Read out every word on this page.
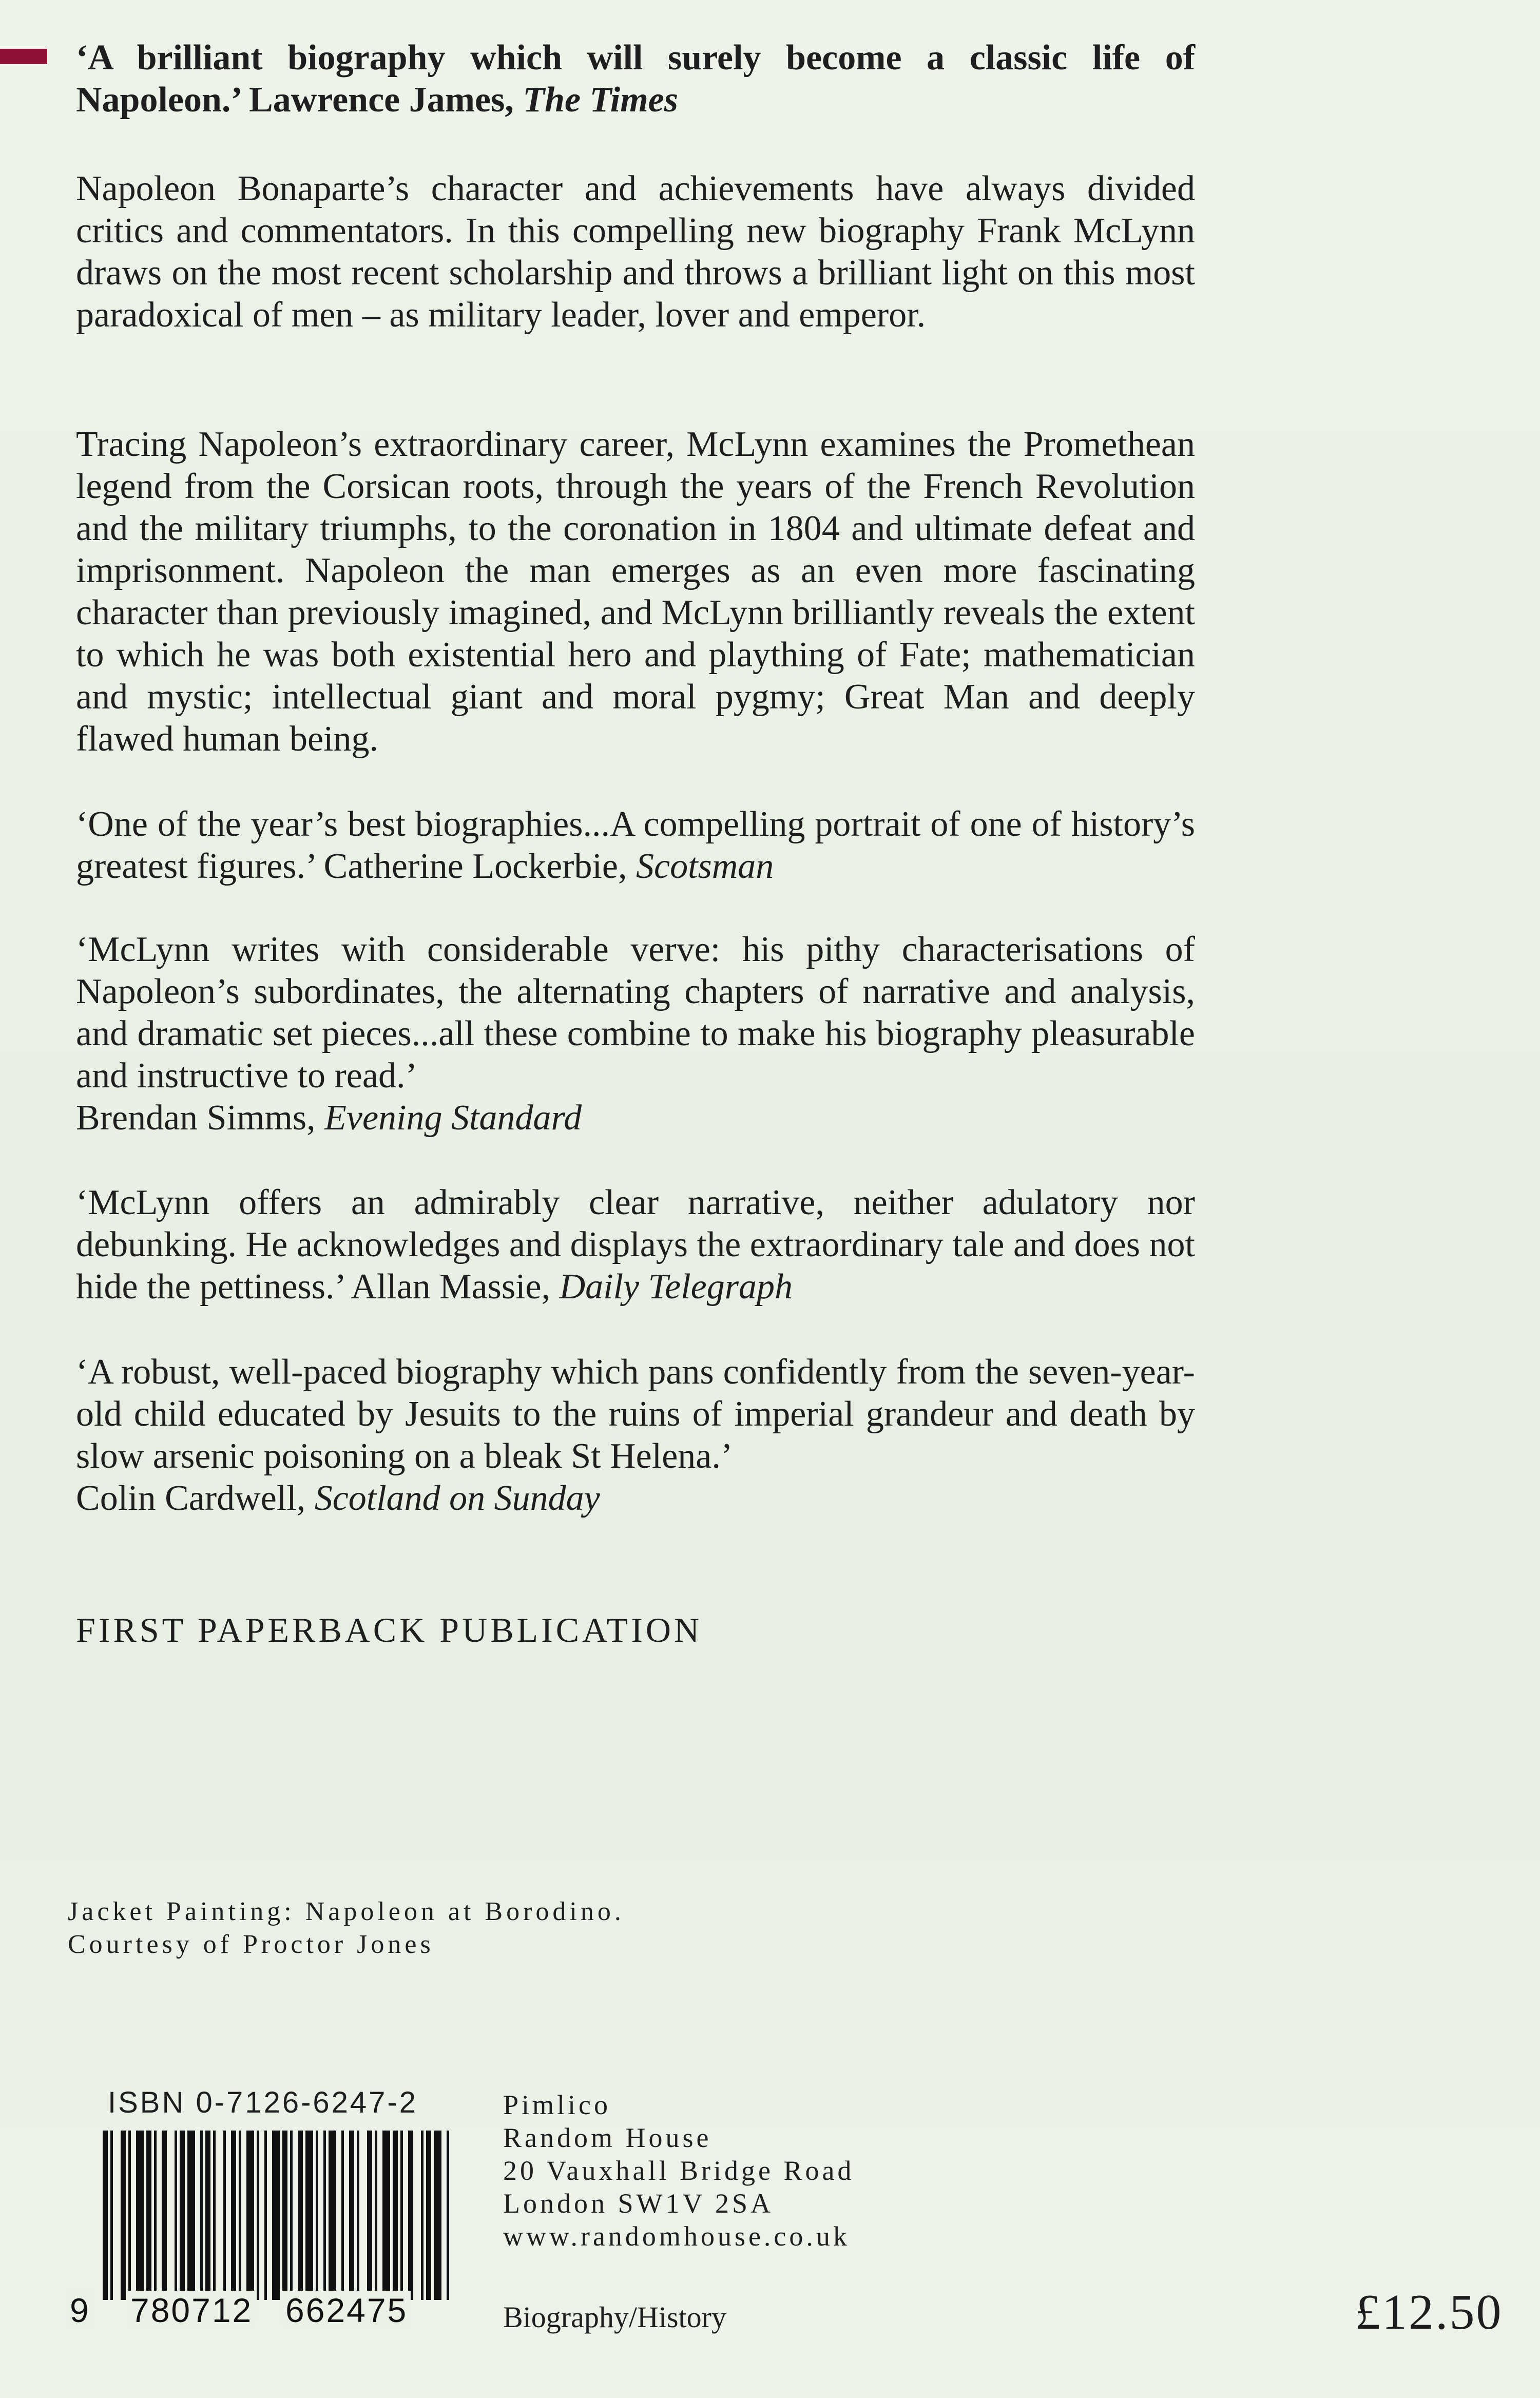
‘A brilliant biography which will surely become a classic life of Napoleon.’ Lawrence James, The Times

Napoleon Bonaparte’s character and achievements have always divided critics and commentators. In this compelling new biography Frank McLynn draws on the most recent scholarship and throws a brilliant light on this most paradoxical of men – as military leader, lover and emperor.

Tracing Napoleon’s extraordinary career, McLynn examines the Promethean legend from the Corsican roots, through the years of the French Revolution and the military triumphs, to the coronation in 1804 and ultimate defeat and imprisonment. Napoleon the man emerges as an even more fascinating character than previously imagined, and McLynn brilliantly reveals the extent to which he was both existential hero and plaything of Fate; mathematician and mystic; intellectual giant and moral pygmy; Great Man and deeply flawed human being.

‘One of the year’s best biographies...A compelling portrait of one of history’s greatest figures.’ Catherine Lockerbie, Scotsman

‘McLynn writes with considerable verve: his pithy characterisations of Napoleon’s subordinates, the alternating chapters of narrative and analysis, and dramatic set pieces...all these combine to make his biography pleasurable and instructive to read.’
Brendan Simms, Evening Standard

‘McLynn offers an admirably clear narrative, neither adulatory nor debunking. He acknowledges and displays the extraordinary tale and does not hide the pettiness.’ Allan Massie, Daily Telegraph

‘A robust, well-paced biography which pans confidently from the seven-year-old child educated by Jesuits to the ruins of imperial grandeur and death by slow arsenic poisoning on a bleak St Helena.’
Colin Cardwell, Scotland on Sunday

FIRST PAPERBACK PUBLICATION
Jacket Painting: Napoleon at Borodino.
Courtesy of Proctor Jones
ISBN 0-7126-6247-2
9 780712 662475
Pimlico
Random House
20 Vauxhall Bridge Road
London SW1V 2SA
www.randomhouse.co.uk
Biography/History	£12.50
